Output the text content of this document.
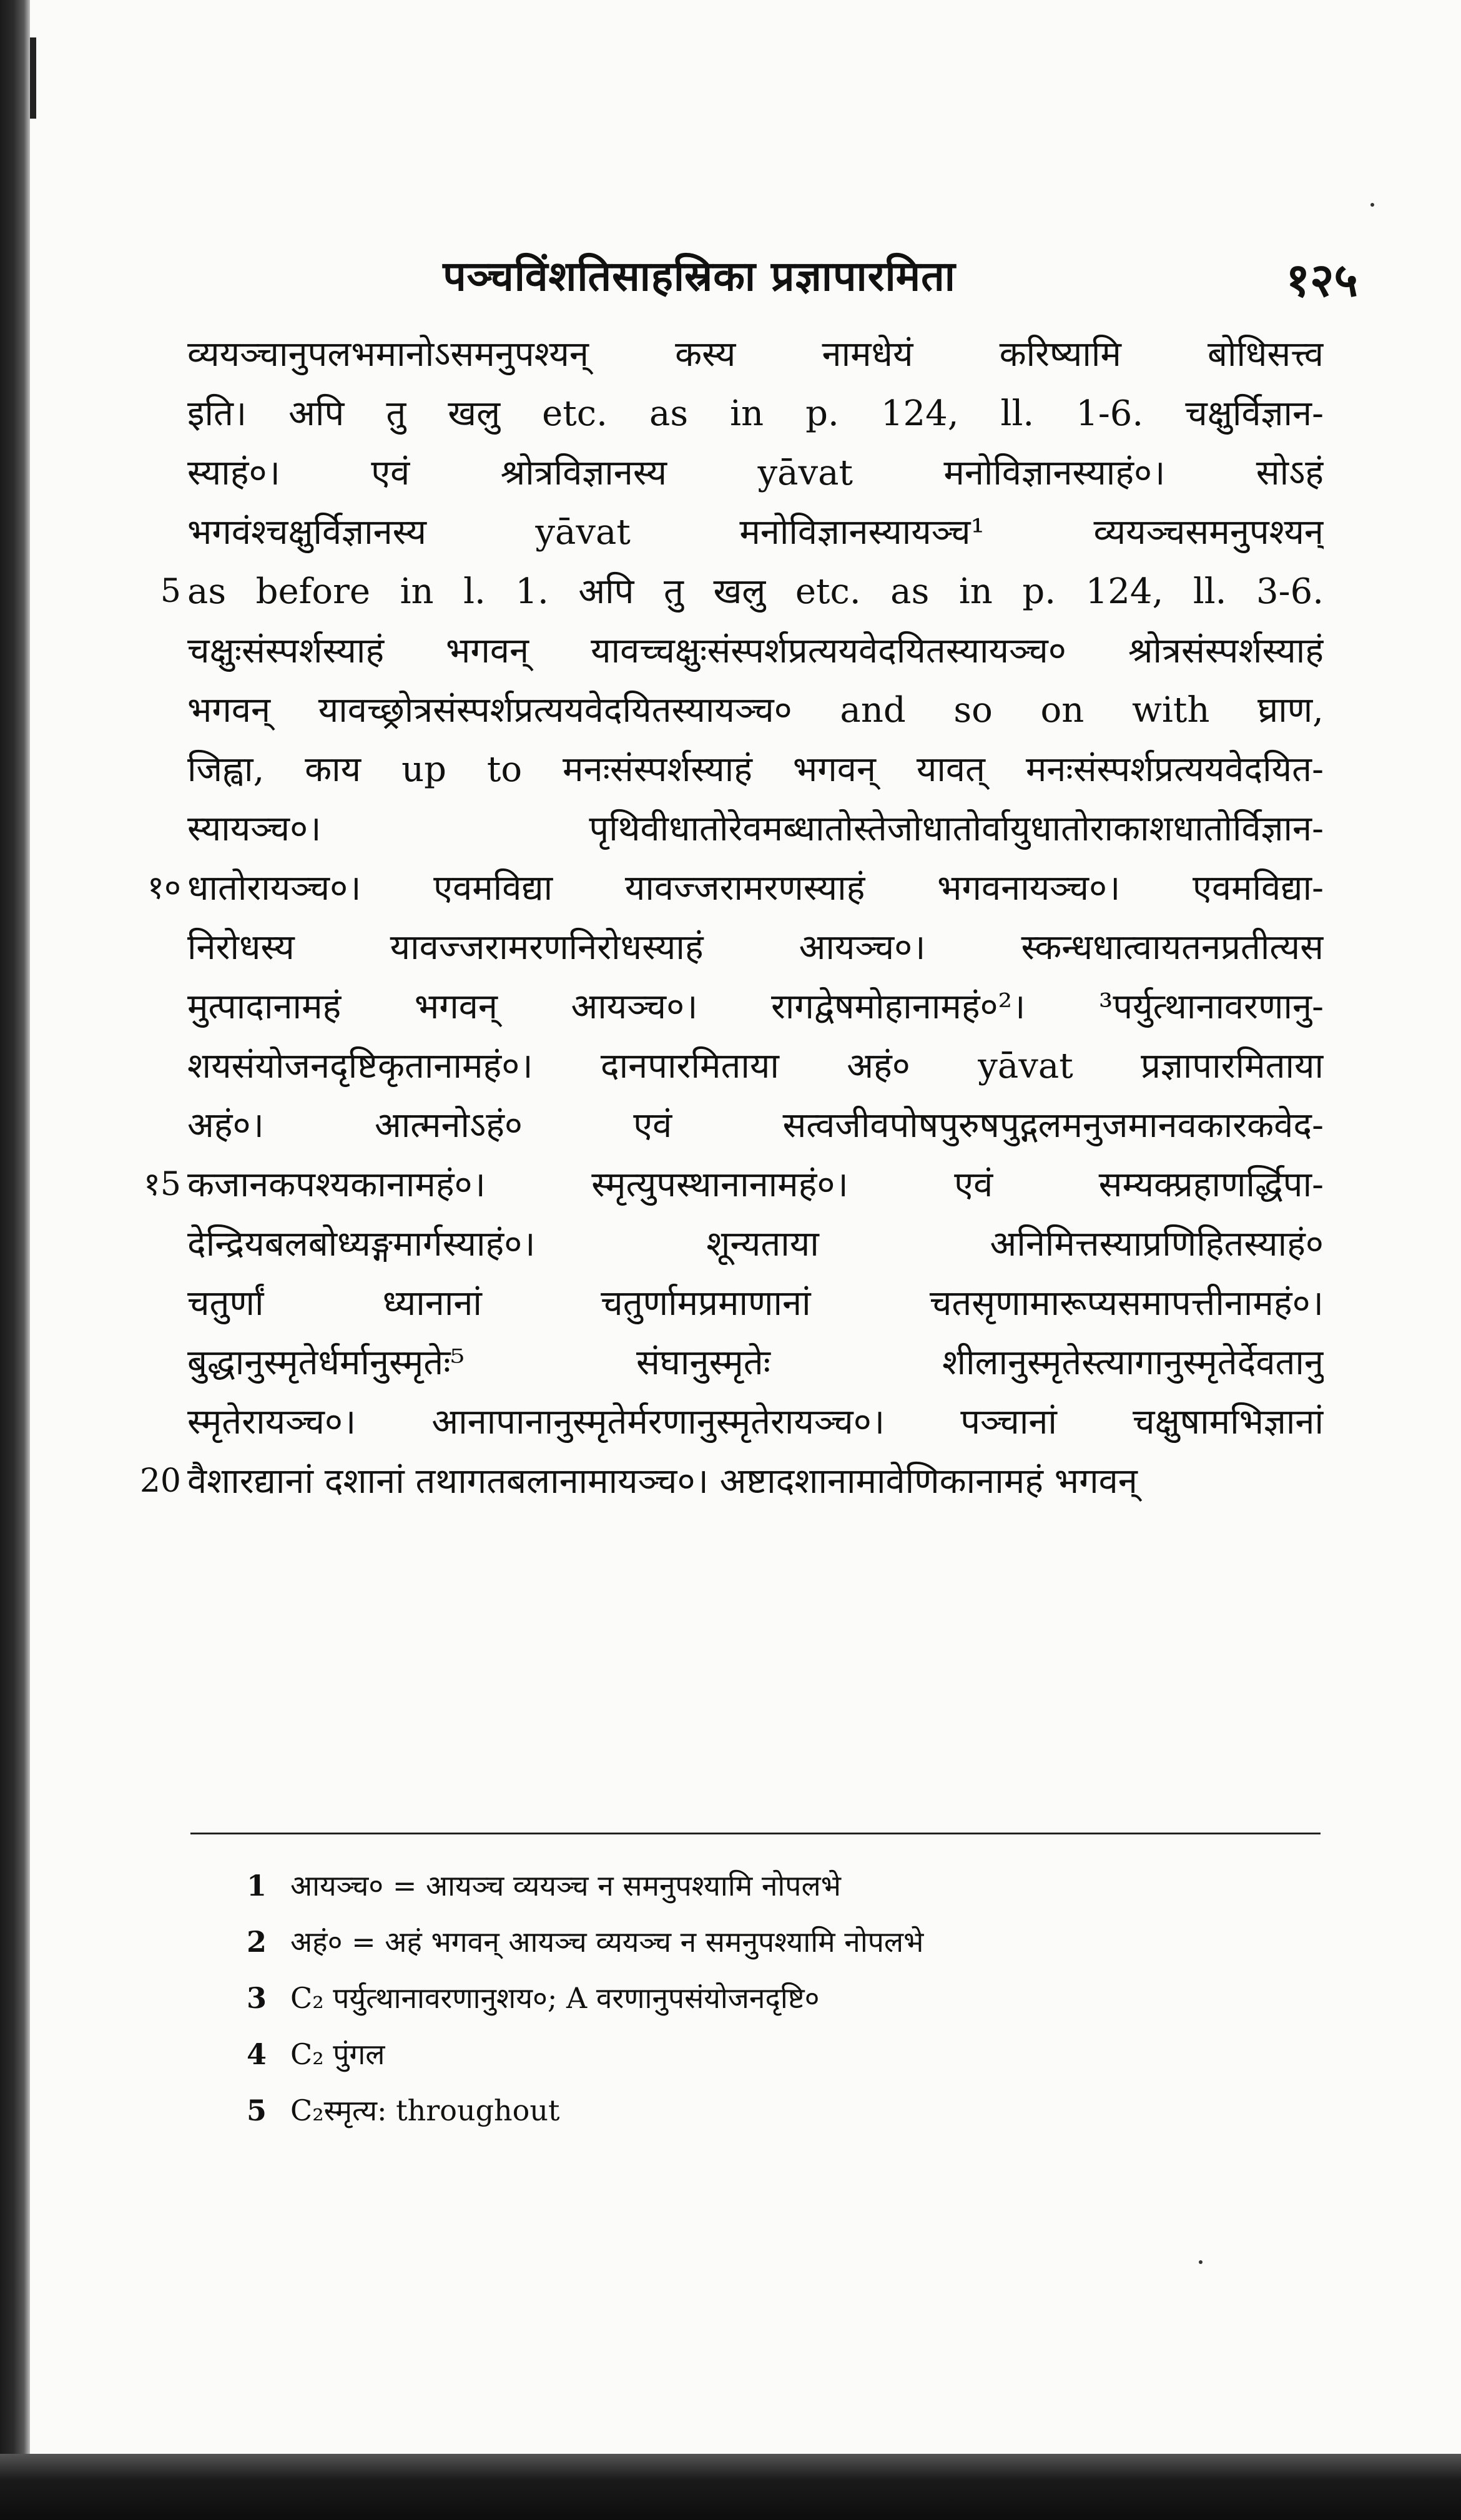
पञ्चविंशतिसाहस्रिका प्रज्ञापारमिता	१२५
5
१०
१5
20
व्ययञ्चानुपलभमानोऽसमनुपश्यन् कस्य नामधेयं करिष्यामि बोधिसत्त्व
इति। अपि तु खलु etc. as in p. 124, ll. 1-6. चक्षुर्विज्ञान-
स्याहं०। एवं श्रोत्रविज्ञानस्य yāvat मनोविज्ञानस्याहं०। सोऽहं
भगवंश्चक्षुर्विज्ञानस्य yāvat मनोविज्ञानस्यायञ्च¹ व्ययञ्चसमनुपश्यन्
as before in l. 1. अपि तु खलु etc. as in p. 124, ll. 3-6.
चक्षुःसंस्पर्शस्याहं भगवन् यावच्चक्षुःसंस्पर्शप्रत्ययवेदयितस्यायञ्च० श्रोत्रसंस्पर्शस्याहं
भगवन् यावच्छ्रोत्रसंस्पर्शप्रत्ययवेदयितस्यायञ्च० and so on with घ्राण,
जिह्वा, काय up to मनःसंस्पर्शस्याहं भगवन् यावत् मनःसंस्पर्शप्रत्ययवेदयित-
स्यायञ्च०। पृथिवीधातोरेवमब्धातोस्तेजोधातोर्वायुधातोराकाशधातोर्विज्ञान-
धातोरायञ्च०। एवमविद्या यावज्जरामरणस्याहं भगवनायञ्च०। एवमविद्या-
निरोधस्य यावज्जरामरणनिरोधस्याहं आयञ्च०। स्कन्धधात्वायतनप्रतीत्यस
मुत्पादानामहं भगवन् आयञ्च०। रागद्वेषमोहानामहं०²। ³पर्युत्थानावरणानु-
शयसंयोजनदृष्टिकृतानामहं०। दानपारमिताया अहं० yāvat प्रज्ञापारमिताया
अहं०। आत्मनोऽहं० एवं सत्वजीवपोषपुरुषपुद्गलमनुजमानवकारकवेद-
कजानकपश्यकानामहं०। स्मृत्युपस्थानानामहं०। एवं सम्यक्प्रहाणर्द्धिपा-
देन्द्रियबलबोध्यङ्गमार्गस्याहं०। शून्यताया अनिमित्तस्याप्रणिहितस्याहं०
चतुर्णां ध्यानानां चतुर्णामप्रमाणानां चतसृणामारूप्यसमापत्तीनामहं०।
बुद्धानुस्मृतेर्धर्मानुस्मृतेः⁵ संघानुस्मृतेः शीलानुस्मृतेस्त्यागानुस्मृतेर्देवतानु
स्मृतेरायञ्च०। आनापानानुस्मृतेर्मरणानुस्मृतेरायञ्च०। पञ्चानां चक्षुषामभिज्ञानां
वैशारद्यानां दशानां तथागतबलानामायञ्च०। अष्टादशानामावेणिकानामहं भगवन्
1 आयञ्च० = आयञ्च व्ययञ्च न समनुपश्यामि नोपलभे
2 अहं० = अहं भगवन् आयञ्च व्ययञ्च न समनुपश्यामि नोपलभे
3 C₂ पर्युत्थानावरणानुशय०; A वरणानुपसंयोजनदृष्टि०
4 C₂ पुंगल
5 C₂स्मृत्य: throughout
